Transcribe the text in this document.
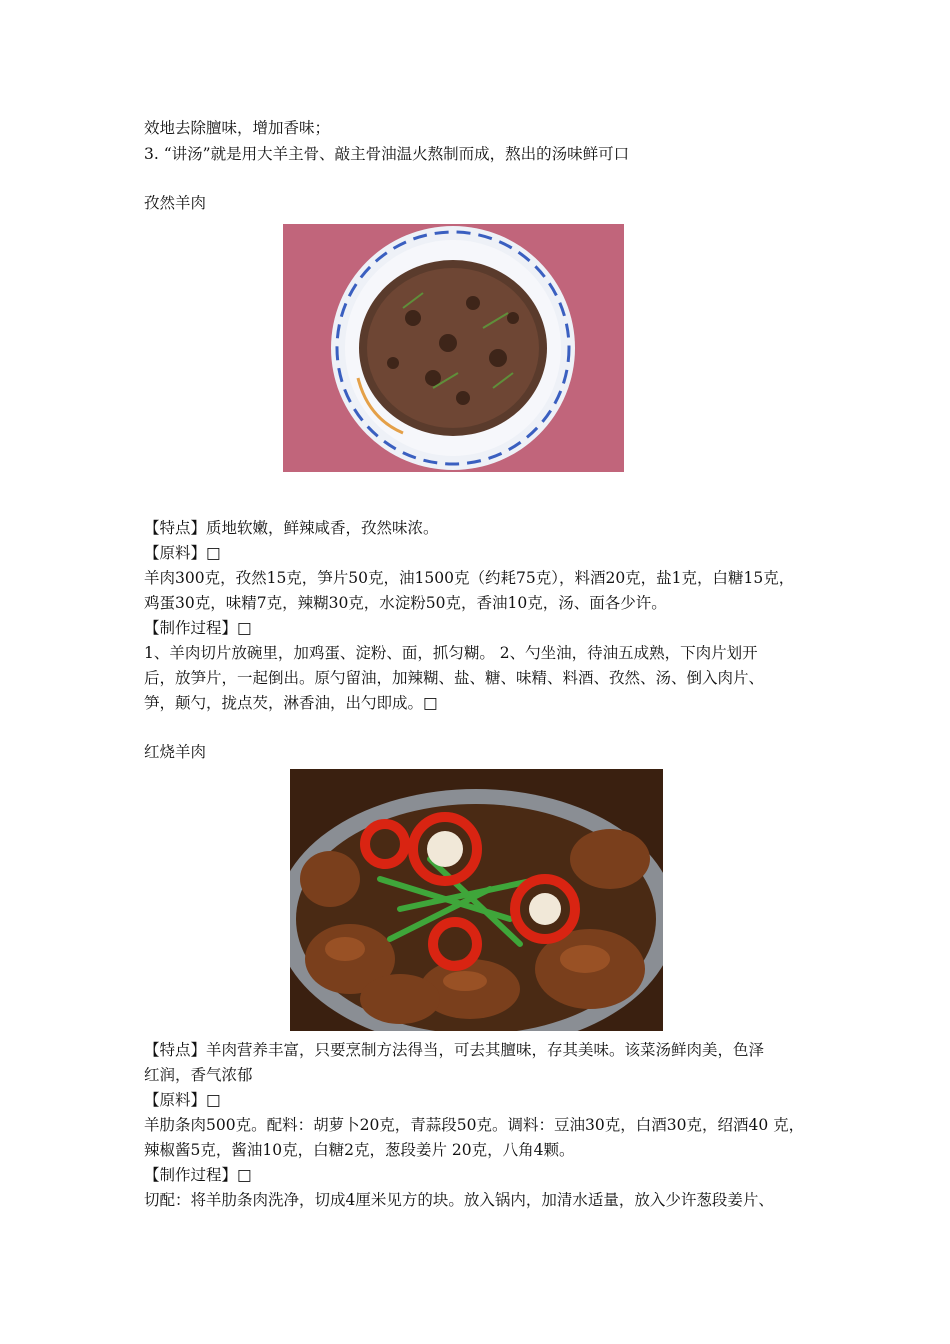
效地去除膻味，增加香味；
3. “讲汤”就是用大羊主骨、敲主骨油温火熬制而成，熬出的汤味鲜可口
孜然羊肉
【特点】质地软嫩，鲜辣咸香，孜然味浓。
【原料】□
羊肉300克，孜然15克，笋片50克，油1500克（约耗75克），料酒20克，盐1克，白糖15克，
鸡蛋30克，味精7克，辣糊30克，水淀粉50克，香油10克，汤、面各少许。
【制作过程】□
1、羊肉切片放碗里，加鸡蛋、淀粉、面，抓匀糊。 2、勺坐油，待油五成熟，下肉片划开
后，放笋片，一起倒出。原勺留油，加辣糊、盐、糖、味精、料酒、孜然、汤、倒入肉片、
笋，颠勺，拢点芡，淋香油，出勺即成。□
红烧羊肉
【特点】羊肉营养丰富，只要烹制方法得当，可去其膻味，存其美味。该菜汤鲜肉美，色泽
红润，香气浓郁
【原料】□
羊肋条肉500克。配料：胡萝卜20克，青蒜段50克。调料：豆油30克，白酒30克，绍酒40 克，
辣椒酱5克，酱油10克，白糖2克，葱段姜片 20克，八角4颗。
【制作过程】□
切配：将羊肋条肉洗净，切成4厘米见方的块。放入锅内，加清水适量，放入少许葱段姜片、
